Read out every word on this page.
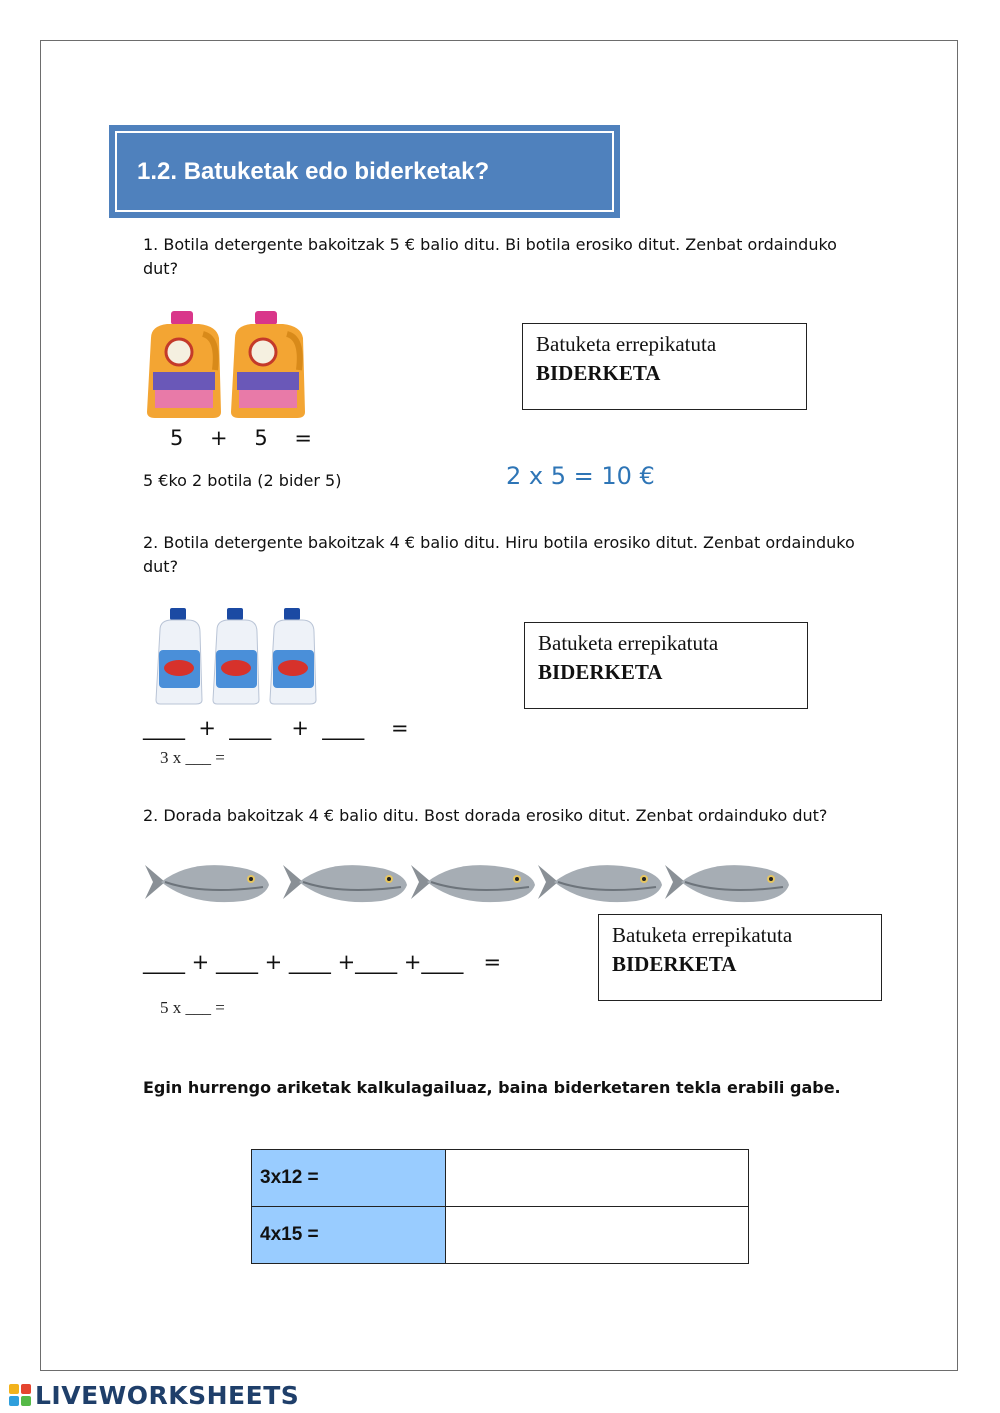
1.2. Batuketak edo biderketak?
1. Botila detergente bakoitzak 5 € balio ditu. Bi botila erosiko ditut. Zenbat ordainduko dut?
5    +    5    =
5 €ko 2 botila (2 bider 5)	2 x 5 = 10 €
Batuketa errepikatuta
BIDERKETA
2. Botila detergente bakoitzak 4 € balio ditu. Hiru botila erosiko ditut. Zenbat ordainduko dut?
Batuketa errepikatuta
BIDERKETA
____  +  ____   +  ____    =
3 x ___ =
2. Dorada bakoitzak 4 € balio ditu. Bost dorada erosiko ditut. Zenbat ordainduko dut?
Batuketa errepikatuta
BIDERKETA
____ + ____ + ____ +____ +____   =
5 x ___ =
Egin hurrengo ariketak kalkulagailuaz, baina biderketaren tekla erabili gabe.
3x12 =	
4x15 =	
LIVEWORKSHEETS
